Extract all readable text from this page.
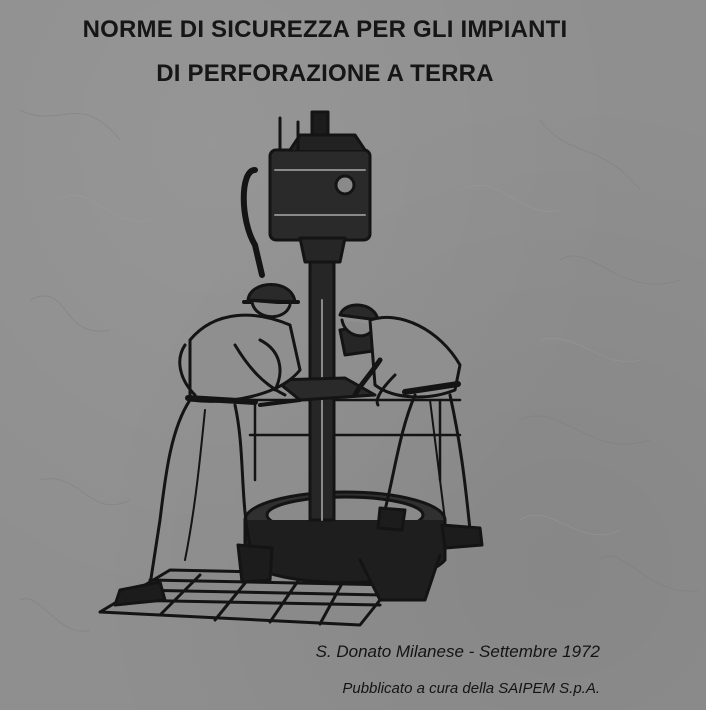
NORME DI SICUREZZA PER GLI IMPIANTI
DI PERFORAZIONE A TERRA

S. Donato Milanese - Settembre 1972

Pubblicato a cura della SAIPEM S.p.A.
